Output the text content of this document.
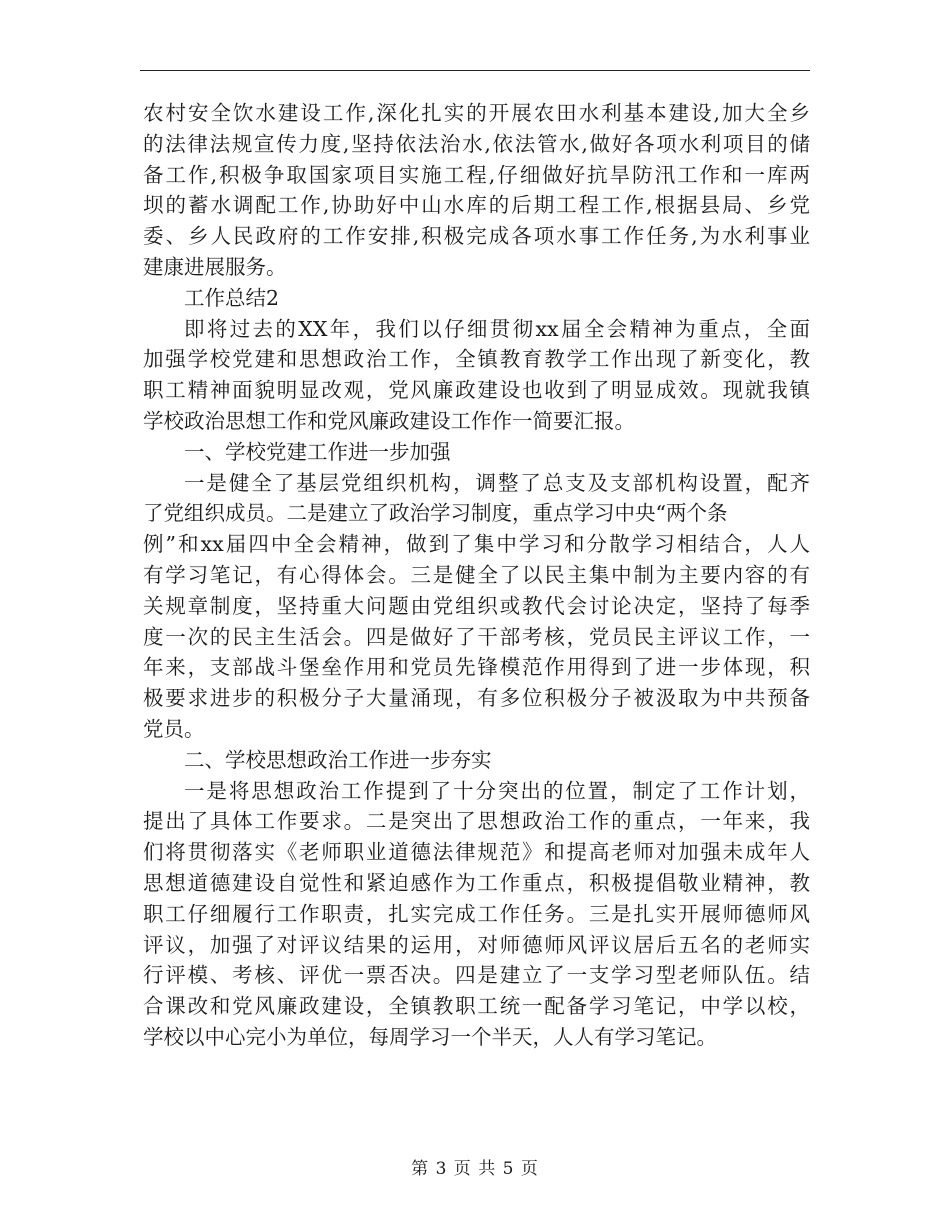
农村安全饮水建设工作,深化扎实的开展农田水利基本建设,加大全乡
的法律法规宣传力度,坚持依法治水,依法管水,做好各项水利项目的储
备工作,积极争取国家项目实施工程,仔细做好抗旱防汛工作和一库两
坝的蓄水调配工作,协助好中山水库的后期工程工作,根据县局、乡党
委、乡人民政府的工作安排,积极完成各项水事工作任务,为水利事业
建康进展服务。
工作总结2
即将过去的XX年，我们以仔细贯彻xx届全会精神为重点，全面
加强学校党建和思想政治工作，全镇教育教学工作出现了新变化，教
职工精神面貌明显改观，党风廉政建设也收到了明显成效。现就我镇
学校政治思想工作和党风廉政建设工作作一简要汇报。
一、学校党建工作进一步加强
一是健全了基层党组织机构，调整了总支及支部机构设置，配齐
了党组织成员。二是建立了政治学习制度，重点学习中央“两个条
例”和xx届四中全会精神，做到了集中学习和分散学习相结合，人人
有学习笔记，有心得体会。三是健全了以民主集中制为主要内容的有
关规章制度，坚持重大问题由党组织或教代会讨论决定，坚持了每季
度一次的民主生活会。四是做好了干部考核，党员民主评议工作，一
年来，支部战斗堡垒作用和党员先锋模范作用得到了进一步体现，积
极要求进步的积极分子大量涌现，有多位积极分子被汲取为中共预备
党员。
二、学校思想政治工作进一步夯实
一是将思想政治工作提到了十分突出的位置，制定了工作计划，
提出了具体工作要求。二是突出了思想政治工作的重点，一年来，我
们将贯彻落实《老师职业道德法律规范》和提高老师对加强未成年人
思想道德建设自觉性和紧迫感作为工作重点，积极提倡敬业精神，教
职工仔细履行工作职责，扎实完成工作任务。三是扎实开展师德师风
评议，加强了对评议结果的运用，对师德师风评议居后五名的老师实
行评模、考核、评优一票否决。四是建立了一支学习型老师队伍。结
合课改和党风廉政建设，全镇教职工统一配备学习笔记，中学以校，
学校以中心完小为单位，每周学习一个半天，人人有学习笔记。
第 3 页 共 5 页
